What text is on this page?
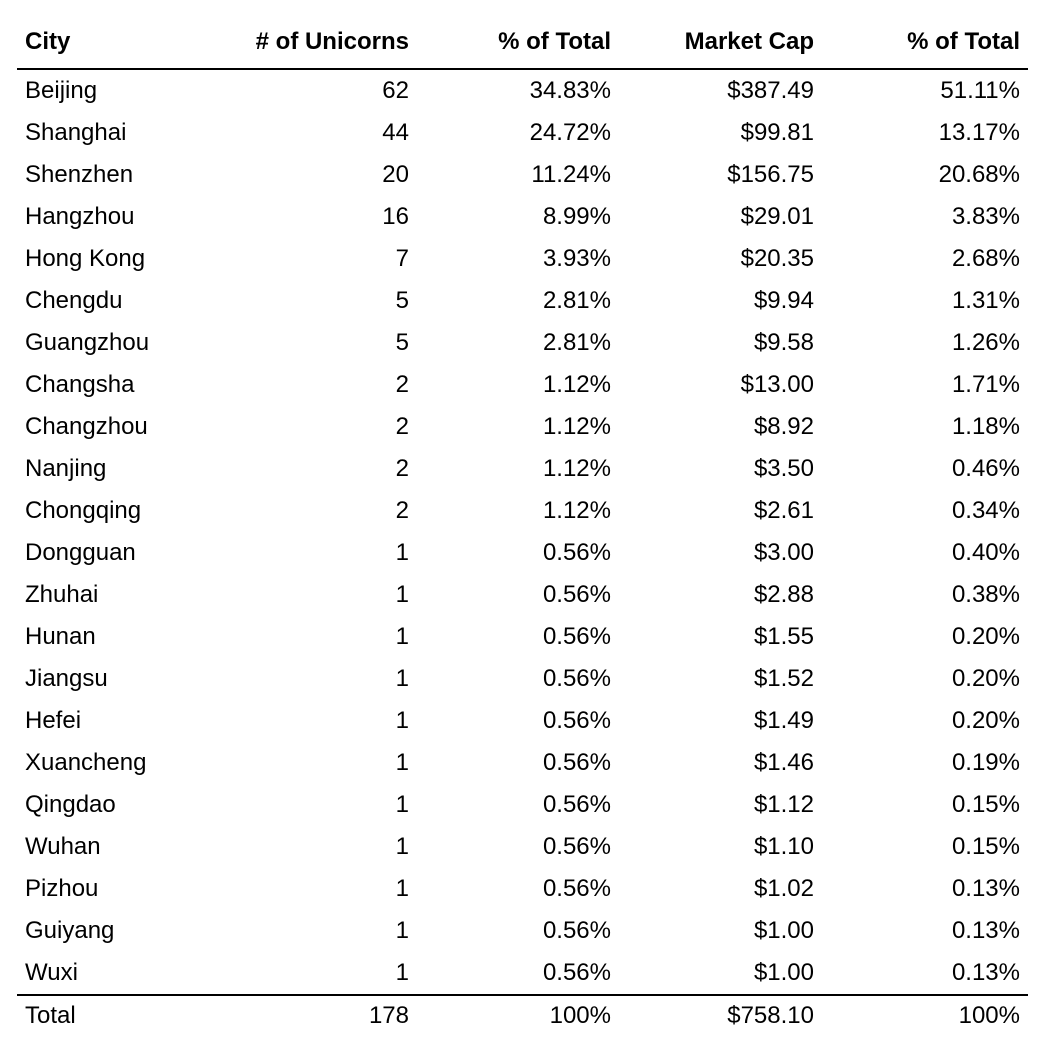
City	# of Unicorns	% of Total	Market Cap	% of Total
Beijing	62	34.83%	$387.49	51.11%
Shanghai	44	24.72%	$99.81	13.17%
Shenzhen	20	11.24%	$156.75	20.68%
Hangzhou	16	8.99%	$29.01	3.83%
Hong Kong	7	3.93%	$20.35	2.68%
Chengdu	5	2.81%	$9.94	1.31%
Guangzhou	5	2.81%	$9.58	1.26%
Changsha	2	1.12%	$13.00	1.71%
Changzhou	2	1.12%	$8.92	1.18%
Nanjing	2	1.12%	$3.50	0.46%
Chongqing	2	1.12%	$2.61	0.34%
Dongguan	1	0.56%	$3.00	0.40%
Zhuhai	1	0.56%	$2.88	0.38%
Hunan	1	0.56%	$1.55	0.20%
Jiangsu	1	0.56%	$1.52	0.20%
Hefei	1	0.56%	$1.49	0.20%
Xuancheng	1	0.56%	$1.46	0.19%
Qingdao	1	0.56%	$1.12	0.15%
Wuhan	1	0.56%	$1.10	0.15%
Pizhou	1	0.56%	$1.02	0.13%
Guiyang	1	0.56%	$1.00	0.13%
Wuxi	1	0.56%	$1.00	0.13%
Total	178	100%	$758.10	100%
